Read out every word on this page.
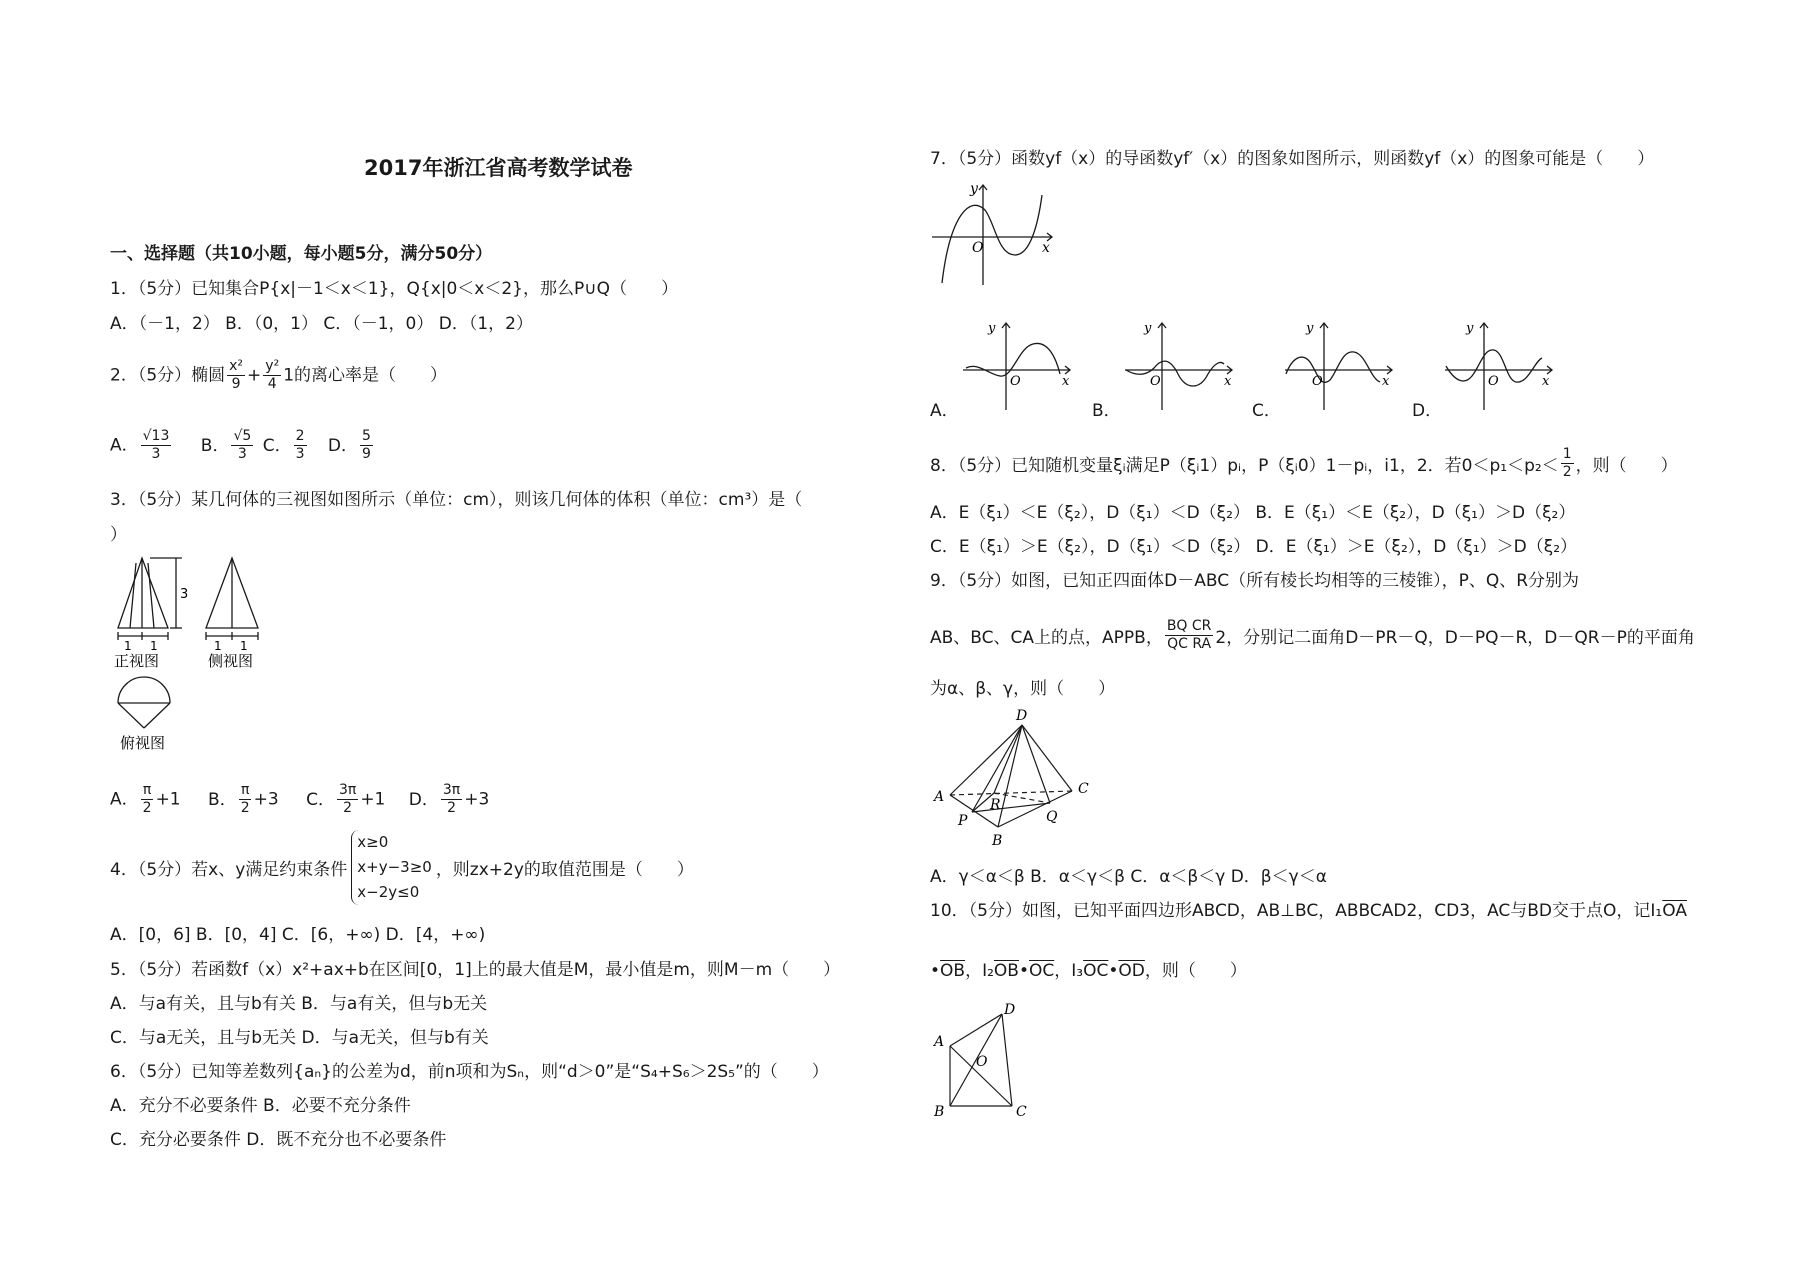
2017年浙江省高考数学试卷
一、选择题（共10小题，每小题5分，满分50分）
1．（5分）已知集合P{x|－1＜x＜1}，Q{x|0＜x＜2}，那么P∪Q（　　）
A．（－1，2） B．（0，1） C．（－1，0） D．（1，2）
2．（5分）椭圆 $\frac{\text{x²}}{9} + \frac{\text{y²}}{4} 1$的离心率是（　　）
A． $\frac{√13}{3}$ B． $\frac{√5}{3}$ C． $\frac{2}{3}$ D． $\frac{5}{9}$
3．（5分）某几何体的三视图如图所示（单位：cm），则该几何体的体积（单位：cm³）是（
）
3
1 1
正视图
1 1
侧视图
俯视图
A． $\frac{\pi}{2} +1$ B． $\frac{\pi}{2} +3$ C． $\frac{3\pi}{2} +1$ D． $\frac{3\pi}{2} +3$
4．（5分）若x、y满足约束条件
x≥0
x+y−3≥0
x−2y≤0
，则zx+2y的取值范围是（　　）
A．[0，6] B．[0，4] C．[6，+∞) D．[4，+∞)
5．（5分）若函数f（x）x²+ax+b在区间[0，1]上的最大值是M，最小值是m，则M－m（　　）
A．与a有关，且与b有关 B．与a有关，但与b无关
C．与a无关，且与b无关 D．与a无关，但与b有关
6．（5分）已知等差数列{aₙ}的公差为d，前n项和为Sₙ，则“d＞0”是“S₄+S₆＞2S₅”的（　　）
A．充分不必要条件 B．必要不充分条件
C．充分必要条件 D．既不充分也不必要条件
7．（5分）函数yf（x）的导函数yf′（x）的图象如图所示，则函数yf（x）的图象可能是（　　）
y
O	x
A．
y
O	x
B．
y
O	x
C．
y
O	x
D．
y
O	x
8．（5分）已知随机变量ξᵢ满足P（ξᵢ1）pᵢ，P（ξᵢ0）1－pᵢ，i1，2．若$0<p_1<p_2< \frac{1}{2}$ ，则（　　）
A．E（ξ₁）＜E（ξ₂），D（ξ₁）＜D（ξ₂） B．E（ξ₁）＜E（ξ₂），D（ξ₁）＞D（ξ₂）
C．E（ξ₁）＞E（ξ₂），D（ξ₁）＜D（ξ₂） D．E（ξ₁）＞E（ξ₂），D（ξ₁）＞D（ξ₂）
9．（5分）如图，已知正四面体D－ABC（所有棱长均相等的三棱锥），P、Q、R分别为
AB、BC、CA上的点，APPB， $\frac{\text{BQ CR}}{\text{QC RA}} 2$，分别记二面角D－PR－Q，D－PQ－R，D－QR－P的平面角
为α、β、γ，则（　　）
D
A	C
B
P	Q
R
A．γ＜α＜β B．α＜γ＜β C．α＜β＜γ D．β＜γ＜α
10．（5分）如图，已知平面四边形ABCD，AB⊥BC，ABBCAD2，CD3，AC与BD交于点O，记$I_1\overline{OA}$
$•\overline{OB}$，$I_2\overline{OB}•\overline{OC}$，$I_3\overline{OC}•\overline{OD}$，则（　　）
A
B	C
D
O
